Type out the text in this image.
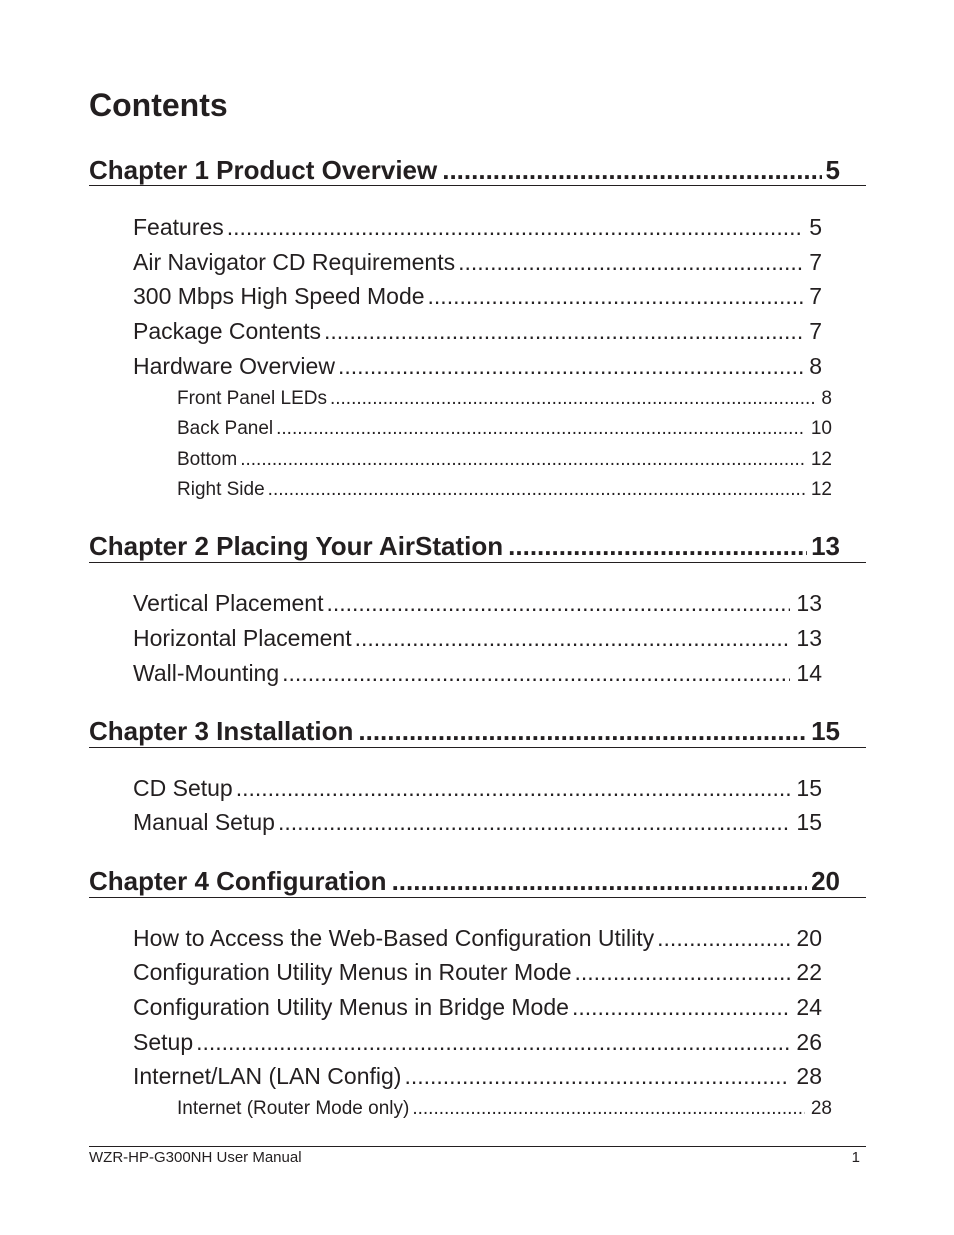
Contents
Chapter 1 Product Overview .....	5
Features .....	5
Air Navigator CD Requirements .....	7
300 Mbps High Speed Mode .....	7
Package Contents .....	7
Hardware Overview .....	8
Front Panel LEDs .....	8
Back Panel .....	10
Bottom .....	12
Right Side .....	12
Chapter 2 Placing Your AirStation .....	13
Vertical Placement .....	13
Horizontal Placement .....	13
Wall-Mounting .....	14
Chapter 3 Installation .....	15
CD Setup .....	15
Manual Setup .....	15
Chapter 4 Configuration .....	20
How to Access the Web-Based Configuration Utility .....	20
Configuration Utility Menus in Router Mode .....	22
Configuration Utility Menus in Bridge Mode .....	24
Setup .....	26
Internet/LAN (LAN Config) .....	28
Internet (Router Mode only) .....	28
WZR-HP-G300NH User Manual	1
